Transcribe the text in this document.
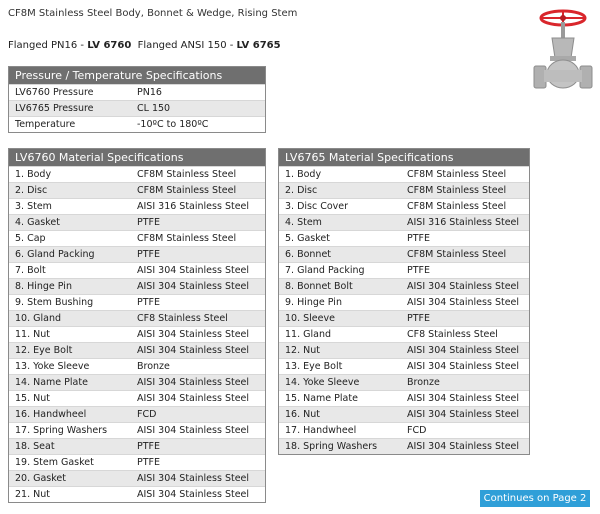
CF8M Stainless Steel Body, Bonnet & Wedge, Rising Stem
Flanged PN16 - LV 6760 Flanged ANSI 150 - LV 6765
Pressure / Temperature Specifications
LV6760 Pressure	PN16
LV6765 Pressure	CL 150
Temperature	-10ºC to 180ºC
LV6760 Material Specifications
1. Body	CF8M Stainless Steel
2. Disc	CF8M Stainless Steel
3. Stem	AISI 316 Stainless Steel
4. Gasket	PTFE
5. Cap	CF8M Stainless Steel
6. Gland Packing	PTFE
7. Bolt	AISI 304 Stainless Steel
8. Hinge Pin	AISI 304 Stainless Steel
9. Stem Bushing	PTFE
10. Gland	CF8 Stainless Steel
11. Nut	AISI 304 Stainless Steel
12. Eye Bolt	AISI 304 Stainless Steel
13. Yoke Sleeve	Bronze
14. Name Plate	AISI 304 Stainless Steel
15. Nut	AISI 304 Stainless Steel
16. Handwheel	FCD
17. Spring Washers	AISI 304 Stainless Steel
18. Seat	PTFE
19. Stem Gasket	PTFE
20. Gasket	AISI 304 Stainless Steel
21. Nut	AISI 304 Stainless Steel
LV6765 Material Specifications
1. Body	CF8M Stainless Steel
2. Disc	CF8M Stainless Steel
3. Disc Cover	CF8M Stainless Steel
4. Stem	AISI 316 Stainless Steel
5. Gasket	PTFE
6. Bonnet	CF8M Stainless Steel
7. Gland Packing	PTFE
8. Bonnet Bolt	AISI 304 Stainless Steel
9. Hinge Pin	AISI 304 Stainless Steel
10. Sleeve	PTFE
11. Gland	CF8 Stainless Steel
12. Nut	AISI 304 Stainless Steel
13. Eye Bolt	AISI 304 Stainless Steel
14. Yoke Sleeve	Bronze
15. Name Plate	AISI 304 Stainless Steel
16. Nut	AISI 304 Stainless Steel
17. Handwheel	FCD
18. Spring Washers	AISI 304 Stainless Steel
Continues on Page 2
